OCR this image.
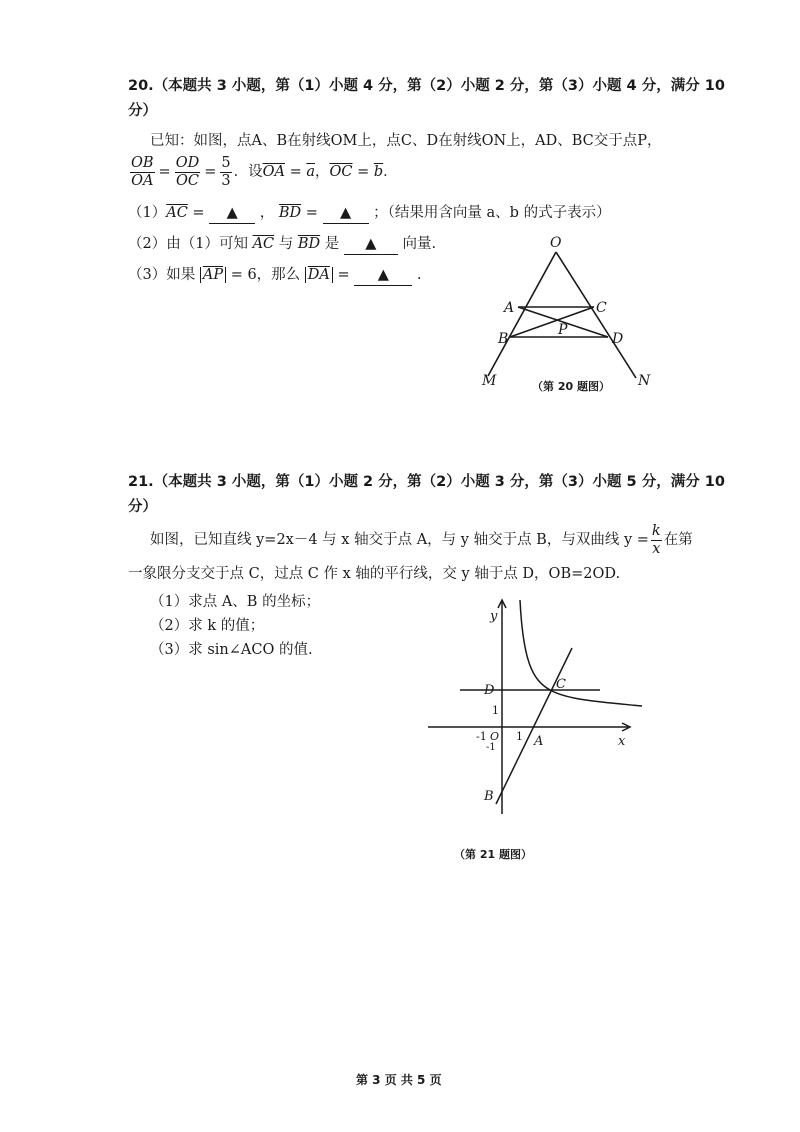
20.（本题共 3 小题，第（1）小题 4 分，第（2）小题 2 分，第（3）小题 4 分，满分 10
分）
已知：如图，点A、B在射线OM上，点C、D在射线ON上，AD、BC交于点P，
$\frac{OB}{OA} = \frac{OD}{OC} = \frac{5}{3}$ ．设 $\overline{OA} = \overline{a}$ ， $\overline{OC} = \overline{b}$ ．
$(1)\overline{AC}$ = ▲ ， $\overline{BD}$ = ▲ ；（结果用含向量 a、b 的式子表示）
（2）由（1）可知 $\overline{AC}$ 与 $\overline{BD}$ 是 ▲ 向量.
（3）如果 $\overline{AP} = 6$，那么 $\overline{DA}$ = ▲ .
O
A	C
B
P
D
M	N
（第 20 题图）
21.（本题共 3 小题，第（1）小题 2 分，第（2）小题 3 分，第（3）小题 5 分，满分 10
分）
如图，已知直线 y=2x－4 与 x 轴交于点 A，与 y 轴交于点 B，与双曲线 $y = \frac{k}{x}$ 在第
一象限分支交于点 C，过点 C 作 x 轴的平行线，交 y 轴于点 D，OB=2OD.
（1）求点 A、B 的坐标；
（2）求 k 的值；
（3）求 sin∠ACO 的值.
y
x
D	C
1
-1 O
-1
1 A
B
（第 21 题图）
第 3 页 共 5 页
